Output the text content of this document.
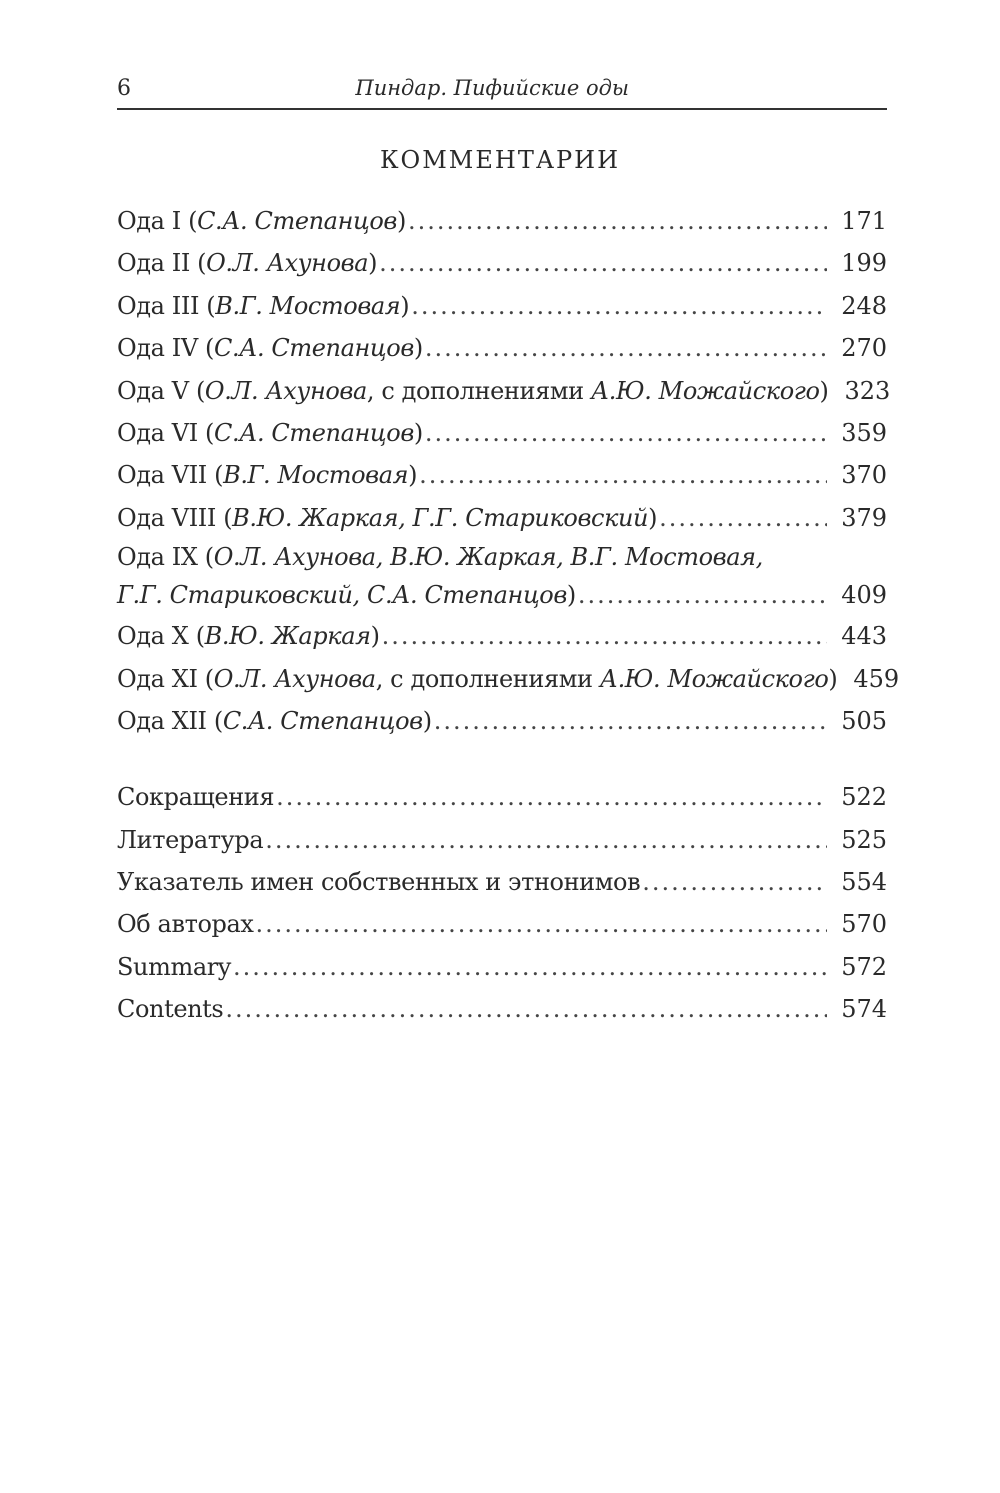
6	Пиндар. Пифийские оды
КОММЕНТАРИИ
Ода I (С.А. Степанцов) .....	171
Ода II (О.Л. Ахунова) .....	199
Ода III (В.Г. Мостовая) .....	248
Ода IV (С.А. Степанцов) .....	270
Ода V (О.Л. Ахунова, с дополнениями А.Ю. Можайского) 323
Ода VI (С.А. Степанцов) .....	359
Ода VII (В.Г. Мостовая) .....	370
Ода VIII (В.Ю. Жаркая, Г.Г. Стариковский) .....	379
Ода IX (О.Л. Ахунова, В.Ю. Жаркая, В.Г. Мостовая,
Г.Г. Стариковский, С.А. Степанцов) .....	409
Ода X (В.Ю. Жаркая) .....	443
Ода XI (О.Л. Ахунова, с дополнениями А.Ю. Можайского) 459
Ода XII (С.А. Степанцов) .....	505
Сокращения .....	522
Литература .....	525
Указатель имен собственных и этнонимов .....	554
Об авторах .....	570
Summary .....	572
Contents .....	574
